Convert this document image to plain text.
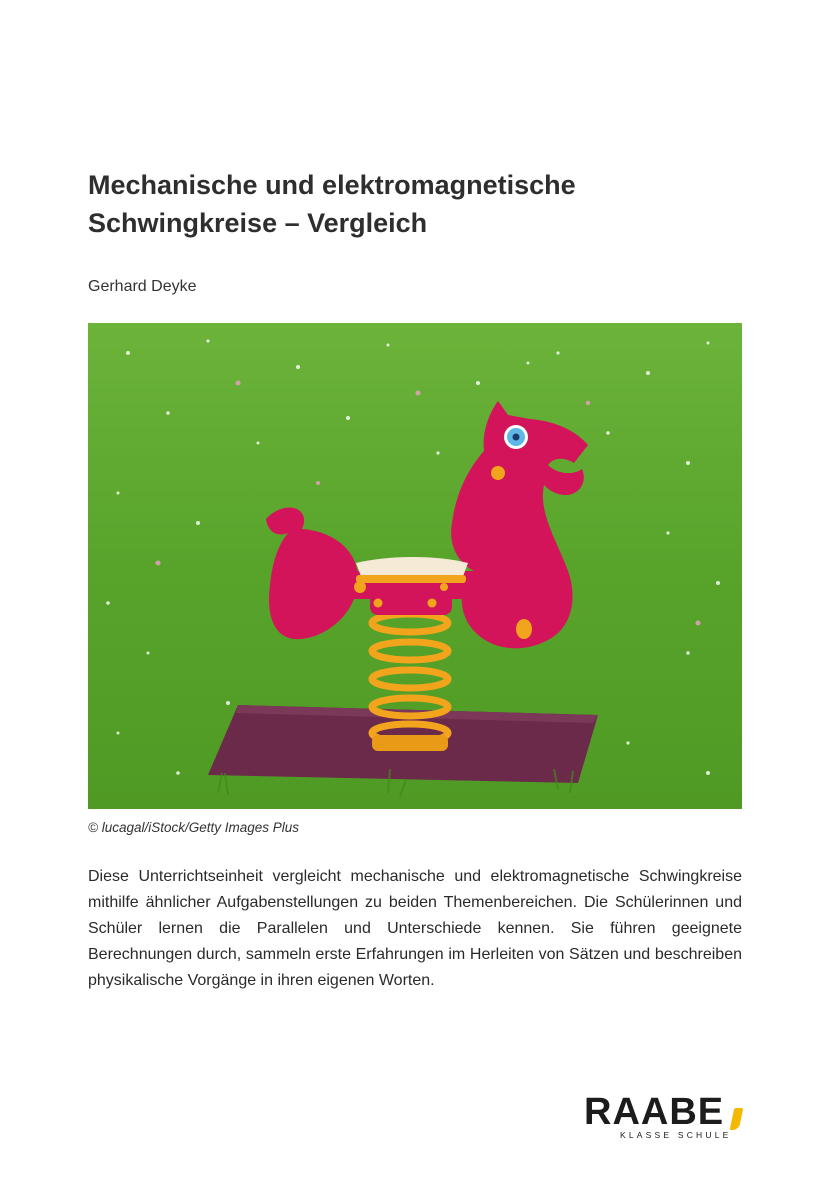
Mechanische und elektromagnetische
Schwingkreise – Vergleich
Gerhard Deyke
© lucagal/iStock/Getty Images Plus

Diese Unterrichtseinheit vergleicht mechanische und elektromagnetische Schwingkreise mithilfe ähnlicher Aufgabenstellungen zu beiden Themenbereichen. Die Schülerinnen und Schüler lernen die Parallelen und Unterschiede kennen. Sie führen geeignete Berechnungen durch, sammeln erste Erfahrungen im Herleiten von Sätzen und beschreiben physikalische Vorgänge in ihren eigenen Worten.

RAABE
KLASSE SCHULE
